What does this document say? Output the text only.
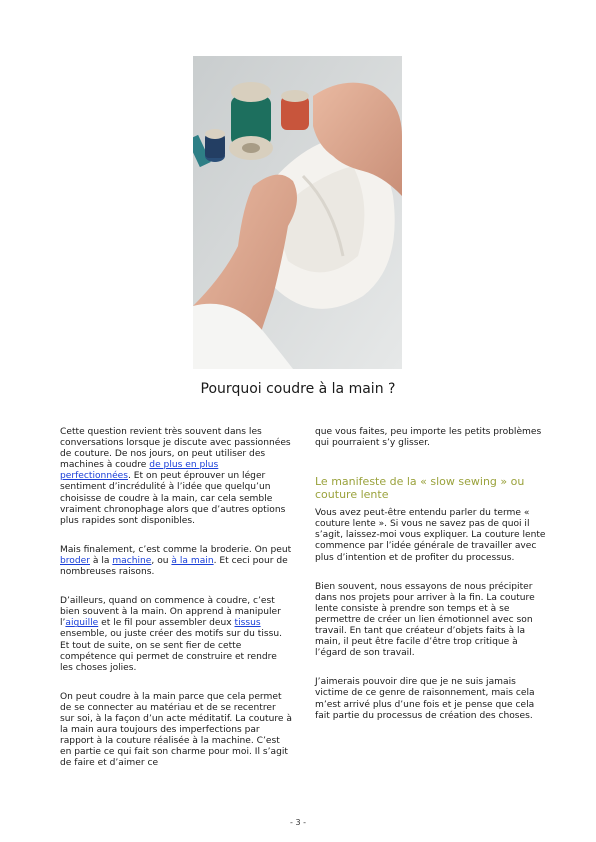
Pourquoi coudre à la main ?

Cette question revient très souvent dans les conversations lorsque je discute avec passionnées de couture. De nos jours, on peut utiliser des machines à coudre de plus en plus perfectionnées. Et on peut éprouver un léger sentiment d’incrédulité à l’idée que quelqu’un choisisse de coudre à la main, car cela semble vraiment chronophage alors que d’autres options plus rapides sont disponibles.

Mais finalement, c’est comme la broderie. On peut broder à la machine, ou à la main. Et ceci pour de nombreuses raisons.

D’ailleurs, quand on commence à coudre, c’est bien souvent à la main. On apprend à manipuler l’aiguille et le fil pour assembler deux tissus ensemble, ou juste créer des motifs sur du tissu. Et tout de suite, on se sent fier de cette compétence qui permet de construire et rendre les choses jolies.

On peut coudre à la main parce que cela permet de se connecter au matériau et de se recentrer sur soi, à la façon d’un acte méditatif. La couture à la main aura toujours des imperfections par rapport à la couture réalisée à la machine. C’est en partie ce qui fait son charme pour moi. Il s’agit de faire et d’aimer ce

que vous faites, peu importe les petits problèmes qui pourraient s’y glisser.

Le manifeste de la « slow sewing » ou couture lente

Vous avez peut-être entendu parler du terme « couture lente ». Si vous ne savez pas de quoi il s’agit, laissez-moi vous expliquer. La couture lente commence par l’idée générale de travailler avec plus d’intention et de profiter du processus.

Bien souvent, nous essayons de nous précipiter dans nos projets pour arriver à la fin. La couture lente consiste à prendre son temps et à se permettre de créer un lien émotionnel avec son travail. En tant que créateur d’objets faits à la main, il peut être facile d’être trop critique à l’égard de son travail.

J’aimerais pouvoir dire que je ne suis jamais victime de ce genre de raisonnement, mais cela m’est arrivé plus d’une fois et je pense que cela fait partie du processus de création des choses.

- 3 -
